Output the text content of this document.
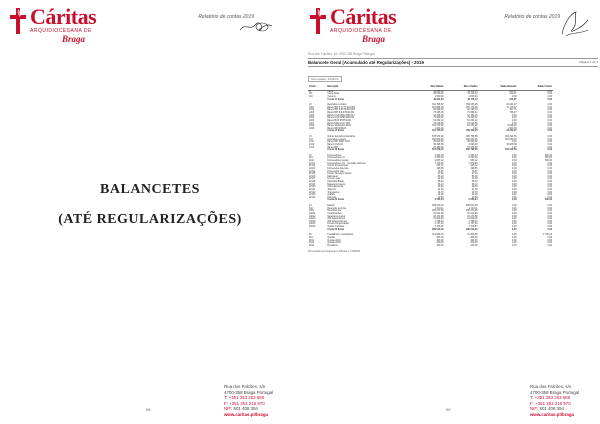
Cáritas
ARQUIDIOCESANA DE
Braga
Relatório de contas 2019
BALANCETES
(ATÉ REGULARIZAÇÕES)
Rua dos Falcões, s/n
4700-358 Braga Portugal
T: +351 253 203 650
F: +351 253 215 970
NIF: 501 408 394
www.caritas.pt/braga
98
Cáritas
ARQUIDIOCESANA DE
Braga
Relatório de contas 2019
Rua dos Falcões, s/n 4700-358 Braga Portugal
Balancete Geral (Acumulado até Regularizações) - 2019	Página 1 de 3
Acumulado: 2019/12
Conta	Descrição	Mov. Débito	Mov. Crédito	Saldo Devedor	Saldo Credor
11	Caixa	49 026,20	48 116,13	910,07	0,00
111	Caixa Sede	48 026,20	47 116,13	910,07	0,00
118	Caixa G.	1 000,00	1 000,00	0,00	0,00
	Conta 11 Soma	49 026,20	48 116,13	910,07	0,00

12	Depósitos à ordem	811 705,52	789 463,25	22 242,27	0,00
1201	Banco BPI 0-7777-010.001	315 955,06	304 778,39	11 176,67	0,00
1202	Banco BPI 0-8378-015.001	92 566,04	92 168,33	397,71	0,00
1203	Banco BPI 0-9-079-00.001	73 105,08	72 368,41	736,67	0,00
1204	Banco CGD 0502.005.00.1	12 346,15	12 346,15	0,00	0,00
1205	Banco CGD 0890.000.044	79 200,00	79 200,00	0,00	0,00
1206	Banco BCP 4578.9.001	54 332,12	54 332,12	0,00	0,00
1207	Banco Millennium 001	81 018,55	81 018,55	0,00	0,00
1208	Banco Santander 0001	103 179,52	94 251,30	8 928,22	0,00
1209	Banco NB 000023	1 003,00	0,00	1 003,00	0,00
	Conta 12 Soma	811 705,52	789 463,25	22 242,27	0,00

13	Outros depósitos bancários	578 979,20	395 768,65	183 210,55	0,00
131	Depósitos a prazo	450 000,00	300 000,00	150 000,00	0,00
1311	Banco BPI 0000-7001	25 000,00	25 000,00	0,00	0,00
1312	Banco CGD 00	36 498,58	3 290,00	33 208,58	0,00
1313	Banco BPI	67 480,62	67 478,65	1,97	0,00
	Conta 13 Soma	578 979,20	395 768,65	183 210,55	0,00

22	Fornecedores	2 563,04	2 063,04	0,00	500,00
221	Fornecedores c/c	2 563,04	2 063,04	0,00	500,00
2211	Fornecedores gerais	1 083,12	583,12	0,00	500,00
22111	Fornecedores c/c - mercado nacional	1 479,92	1 479,92	0,00	0,00
22112	Outros fornecedores	245,12	245,12	0,00	0,00
22113	Fornecedor diversos	198,55	198,55	0,00	0,00
22114	Fornecedor Lda	76,97	76,97	0,00	0,00
22115	Fornec Serviços Gerais	67,40	67,40	0,00	0,00
22116	Eletrogest	56,20	56,20	0,00	0,00
22117	Fornec. Gás	42,18	42,18	0,00	0,00
22118	Papelaria Braga	38,40	38,40	0,00	0,00
22119	Material Limpeza	36,10	36,10	0,00	0,00
22120	Informática Lda	29,40	29,40	0,00	0,00
22121	Telecom	21,00	21,00	0,00	0,00
22122	Transportes	18,70	18,70	0,00	0,00
22123	Gráfica	14,90	14,90	0,00	0,00
22124	Diversos	12,50	12,50	0,00	0,00
	Conta 22 Soma	2 563,04	2 063,04	0,00	500,00

24	Estado	289 513,20	289 513,20	0,00	0,00
242	Retenção na fonte	1 243,11	1 243,11	0,00	0,00
2421	Rendimentos	288 270,09	288 270,09	0,00	0,00
24211	Contribuições	22 612,96	22 612,96	0,00	0,00
24212	Segurança social	23 174,80	23 174,80	0,00	0,00
24213	IRS dependentes	21 600,00	21 600,00	0,00	0,00
24214	IRS independentes	1 798,40	1 798,40	0,00	0,00
24215	Fundo compensação	2 747,20	2 747,20	0,00	0,00
24216	Outros impostos	7 378,97	7 378,97	0,00	0,00
	Conta 24 Soma	289 513,20	289 513,20	0,00	0,00

26	Fundadores / associados	119 652,40	91 906,96	0,00	2 745,14
261	Quotas	600,00	600,00	0,00	0,00
2611	Quotas 2019	400,00	400,00	0,00	0,00
2612	Quotas 2018	200,00	200,00	0,00	0,00
2613	Donativos	100,00	100,00	0,00	0,00
Processado por programa certificado n.º 0000/AT
Rua dos Falcões, s/n
4700-358 Braga Portugal
T: +351 253 203 650
F: +351 253 215 970
NIF: 501 408 394
www.caritas.pt/braga
99
